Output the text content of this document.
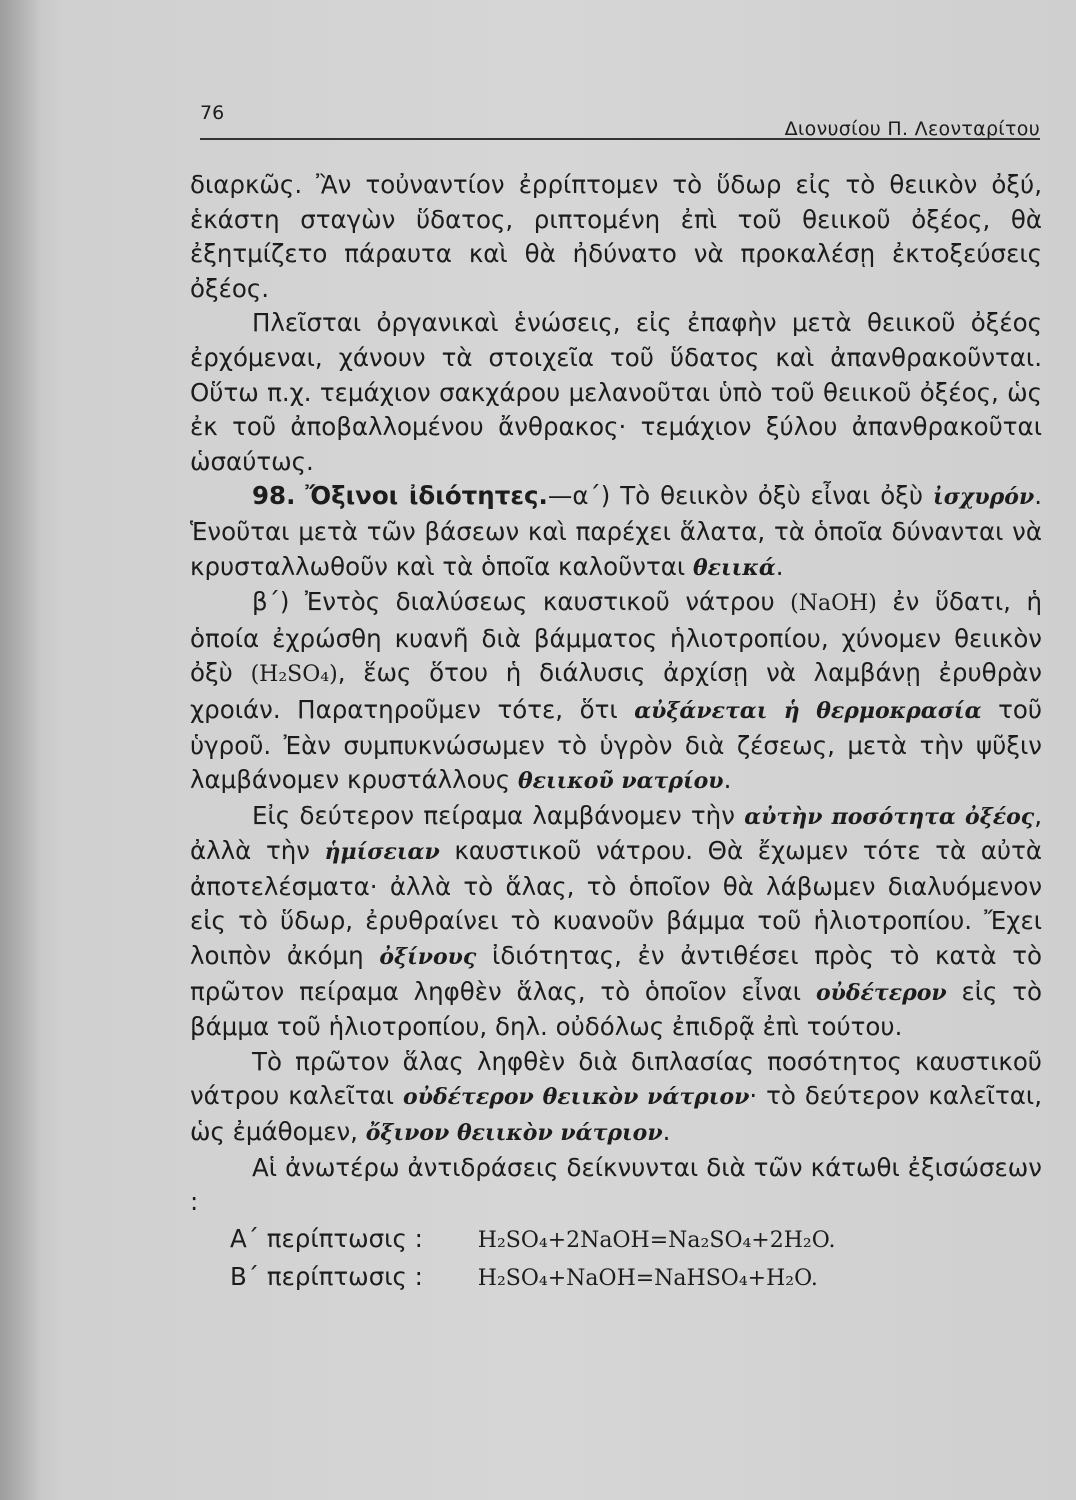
76
Διονυσίου Π. Λεονταρίτου

διαρκῶς. Ἂν τοὐναντίον ἐρρίπτομεν τὸ ὕδωρ εἰς τὸ θειικὸν ὀξύ, ἑκάστη σταγὼν ὕδατος, ριπτομένη ἐπὶ τοῦ θειικοῦ ὀξέος, θὰ ἐξητμίζετο πάραυτα καὶ θὰ ἠδύνατο νὰ προκαλέσῃ ἐκτοξεύσεις ὀξέος.

Πλεῖσται ὀργανικαὶ ἑνώσεις, εἰς ἐπαφὴν μετὰ θειικοῦ ὀξέος ἐρχόμεναι, χάνουν τὰ στοιχεῖα τοῦ ὕδατος καὶ ἀπανθρακοῦνται. Οὕτω π.χ. τεμάχιον σακχάρου μελανοῦται ὑπὸ τοῦ θειικοῦ ὀξέος, ὡς ἐκ τοῦ ἀποβαλλομένου ἄνθρακος· τεμάχιον ξύλου ἀπανθρακοῦται ὡσαύτως.

98. Ὄξινοι ἰδιότητες.—α΄) Τὸ θειικὸν ὀξὺ εἶναι ὀξὺ ἰσχυρόν. Ἑνοῦται μετὰ τῶν βάσεων καὶ παρέχει ἅλατα, τὰ ὁποῖα δύνανται νὰ κρυσταλλωθοῦν καὶ τὰ ὁποῖα καλοῦνται θειικά.

β΄) Ἐντὸς διαλύσεως καυστικοῦ νάτρου (NaOH) ἐν ὕδατι, ἡ ὁποία ἐχρώσθη κυανῆ διὰ βάμματος ἡλιοτροπίου, χύνομεν θειικὸν ὀξὺ (H₂SO₄), ἕως ὅτου ἡ διάλυσις ἀρχίσῃ νὰ λαμβάνῃ ἐρυθρὰν χροιάν. Παρατηροῦμεν τότε, ὅτι αὐξάνεται ἡ θερμοκρασία τοῦ ὑγροῦ. Ἐὰν συμπυκνώσωμεν τὸ ὑγρὸν διὰ ζέσεως, μετὰ τὴν ψῦξιν λαμβάνομεν κρυστάλλους θειικοῦ νατρίου.

Εἰς δεύτερον πείραμα λαμβάνομεν τὴν αὐτὴν ποσότητα ὀξέος, ἀλλὰ τὴν ἡμίσειαν καυστικοῦ νάτρου. Θὰ ἔχωμεν τότε τὰ αὐτὰ ἀποτελέσματα· ἀλλὰ τὸ ἅλας, τὸ ὁποῖον θὰ λάβωμεν διαλυόμενον εἰς τὸ ὕδωρ, ἐρυθραίνει τὸ κυανοῦν βάμμα τοῦ ἡλιοτροπίου. Ἔχει λοιπὸν ἀκόμη ὀξίνους ἰδιότητας, ἐν ἀντιθέσει πρὸς τὸ κατὰ τὸ πρῶτον πείραμα ληφθὲν ἅλας, τὸ ὁποῖον εἶναι οὐδέτερον εἰς τὸ βάμμα τοῦ ἡλιοτροπίου, δηλ. οὐδόλως ἐπιδρᾷ ἐπὶ τούτου.

Τὸ πρῶτον ἅλας ληφθὲν διὰ διπλασίας ποσότητος καυστικοῦ νάτρου καλεῖται οὐδέτερον θειικὸν νάτριον· τὸ δεύτερον καλεῖται, ὡς ἐμάθομεν, ὄξινον θειικὸν νάτριον.

Αἱ ἀνωτέρω ἀντιδράσεις δείκνυνται διὰ τῶν κάτωθι ἐξισώσεων :

Α΄ περίπτωσις : H₂SO₄+2NaOH=Na₂SO₄+2H₂O.
Β΄ περίπτωσις : H₂SO₄+NaOH=NaHSO₄+H₂O.
